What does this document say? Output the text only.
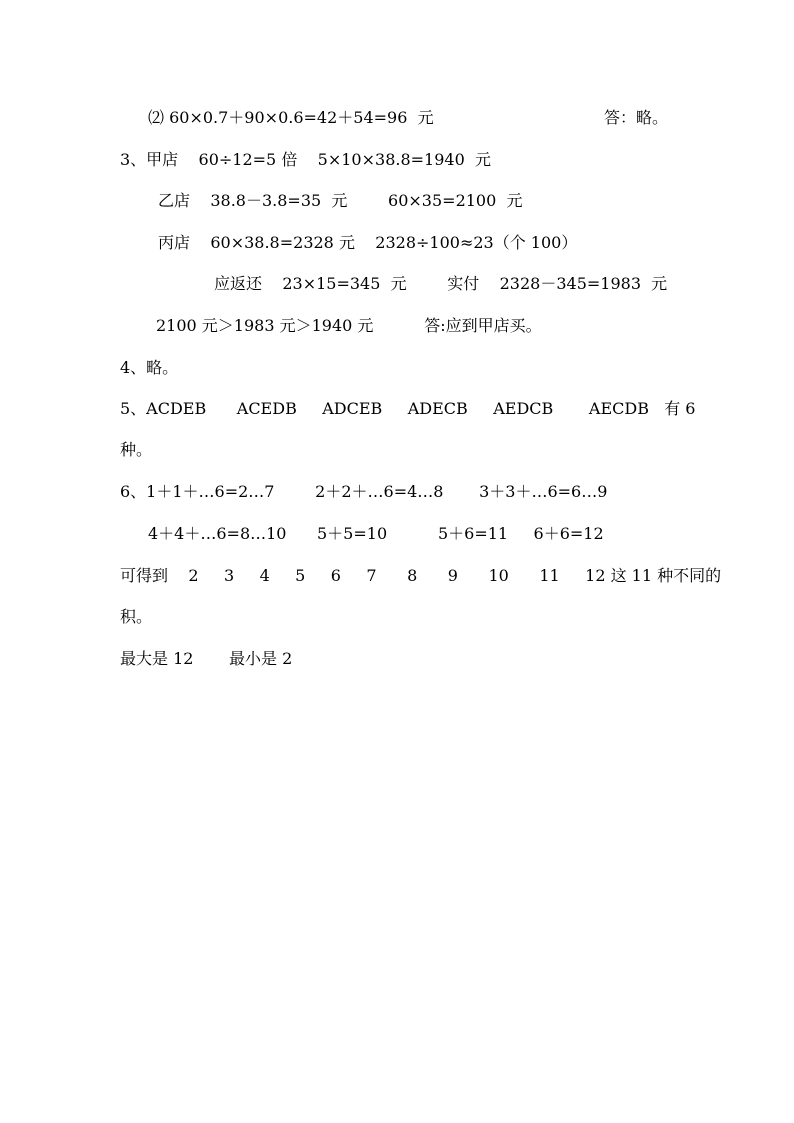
⑵ 60×0.7＋90×0.6=42＋54=96  元	答：略。
3、甲店    60÷12=5 倍    5×10×38.8=1940  元
乙店    38.8－3.8=35  元        60×35=2100  元
丙店    60×38.8=2328 元    2328÷100≈23（个 100）
应返还    23×15=345  元        实付    2328－345=1983  元
2100 元＞1983 元＞1940 元          答:应到甲店买。
4、略。
5、ACDEB      ACEDB     ADCEB     ADECB     AEDCB       AECDB   有 6
种。
6、1＋1＋…6=2…7        2＋2＋…6=4…8       3＋3＋…6=6…9
4＋4＋…6=8…10      5＋5=10          5＋6=11     6＋6=12
可得到    2     3     4     5     6     7      8      9      10      11     12 这 11 种不同的
积。
最大是 12       最小是 2
